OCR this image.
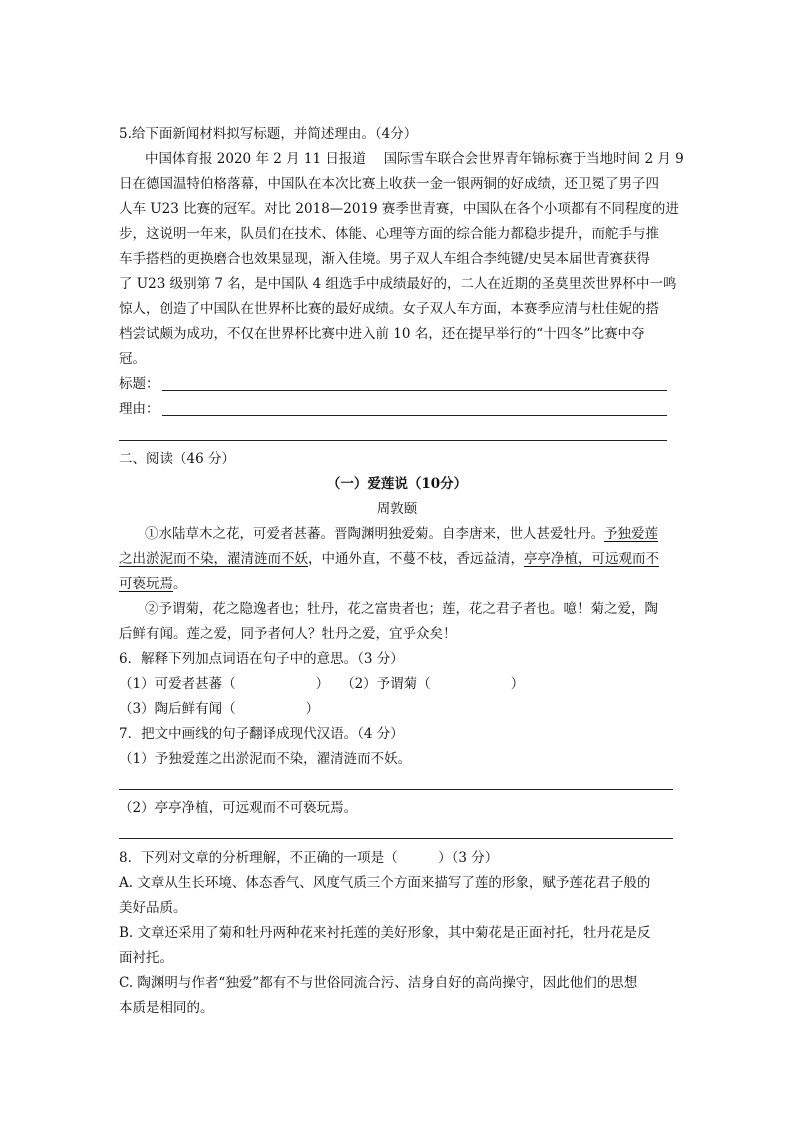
5.给下面新闻材料拟写标题，并简述理由。（4分）
中国体育报 2020 年 2 月 11 日报道　 国际雪车联合会世界青年锦标赛于当地时间 2 月 9
日在德国温特伯格落幕，中国队在本次比赛上收获一金一银两铜的好成绩，还卫冕了男子四
人车 U23 比赛的冠军。对比 2018—2019 赛季世青赛，中国队在各个小项都有不同程度的进
步，这说明一年来，队员们在技术、体能、心理等方面的综合能力都稳步提升，而舵手与推
车手搭档的更换磨合也效果显现，渐入佳境。男子双人车组合李纯键/史昊本届世青赛获得
了 U23 级别第 7 名，是中国队 4 组选手中成绩最好的，二人在近期的圣莫里茨世界杯中一鸣
惊人，创造了中国队在世界杯比赛的最好成绩。女子双人车方面，本赛季应清与杜佳妮的搭
档尝试颇为成功，不仅在世界杯比赛中进入前 10 名，还在提早举行的“十四冬”比赛中夺
冠。
标题：
理由：
二、阅读（46 分）
（一）爱莲说（10分）
周敦颐
①水陆草木之花，可爱者甚蕃。晋陶渊明独爱菊。自李唐来，世人甚爱牡丹。予独爱莲
之出淤泥而不染，濯清涟而不妖，中通外直，不蔓不枝，香远益清，亭亭净植，可远观而不
可亵玩焉。
②予谓菊，花之隐逸者也；牡丹，花之富贵者也；莲，花之君子者也。噫！菊之爱，陶
后鲜有闻。莲之爱，同予者何人？牡丹之爱，宜乎众矣！
6．解释下列加点词语在句子中的意思。（3 分）
（1）可爱者甚蕃（	） （2）予谓菊（	）
（3）陶后鲜有闻（	）
7．把文中画线的句子翻译成现代汉语。（4 分）
（1）予独爱莲之出淤泥而不染，濯清涟而不妖。
（2）亭亭净植，可远观而不可亵玩焉。
8．下列对文章的分析理解，不正确的一项是（　　　）（3 分）
A. 文章从生长环境、体态香气、风度气质三个方面来描写了莲的形象，赋予莲花君子般的
美好品质。
B. 文章还采用了菊和牡丹两种花来衬托莲的美好形象，其中菊花是正面衬托，牡丹花是反
面衬托。
C. 陶渊明与作者“独爱”都有不与世俗同流合污、洁身自好的高尚操守，因此他们的思想
本质是相同的。
